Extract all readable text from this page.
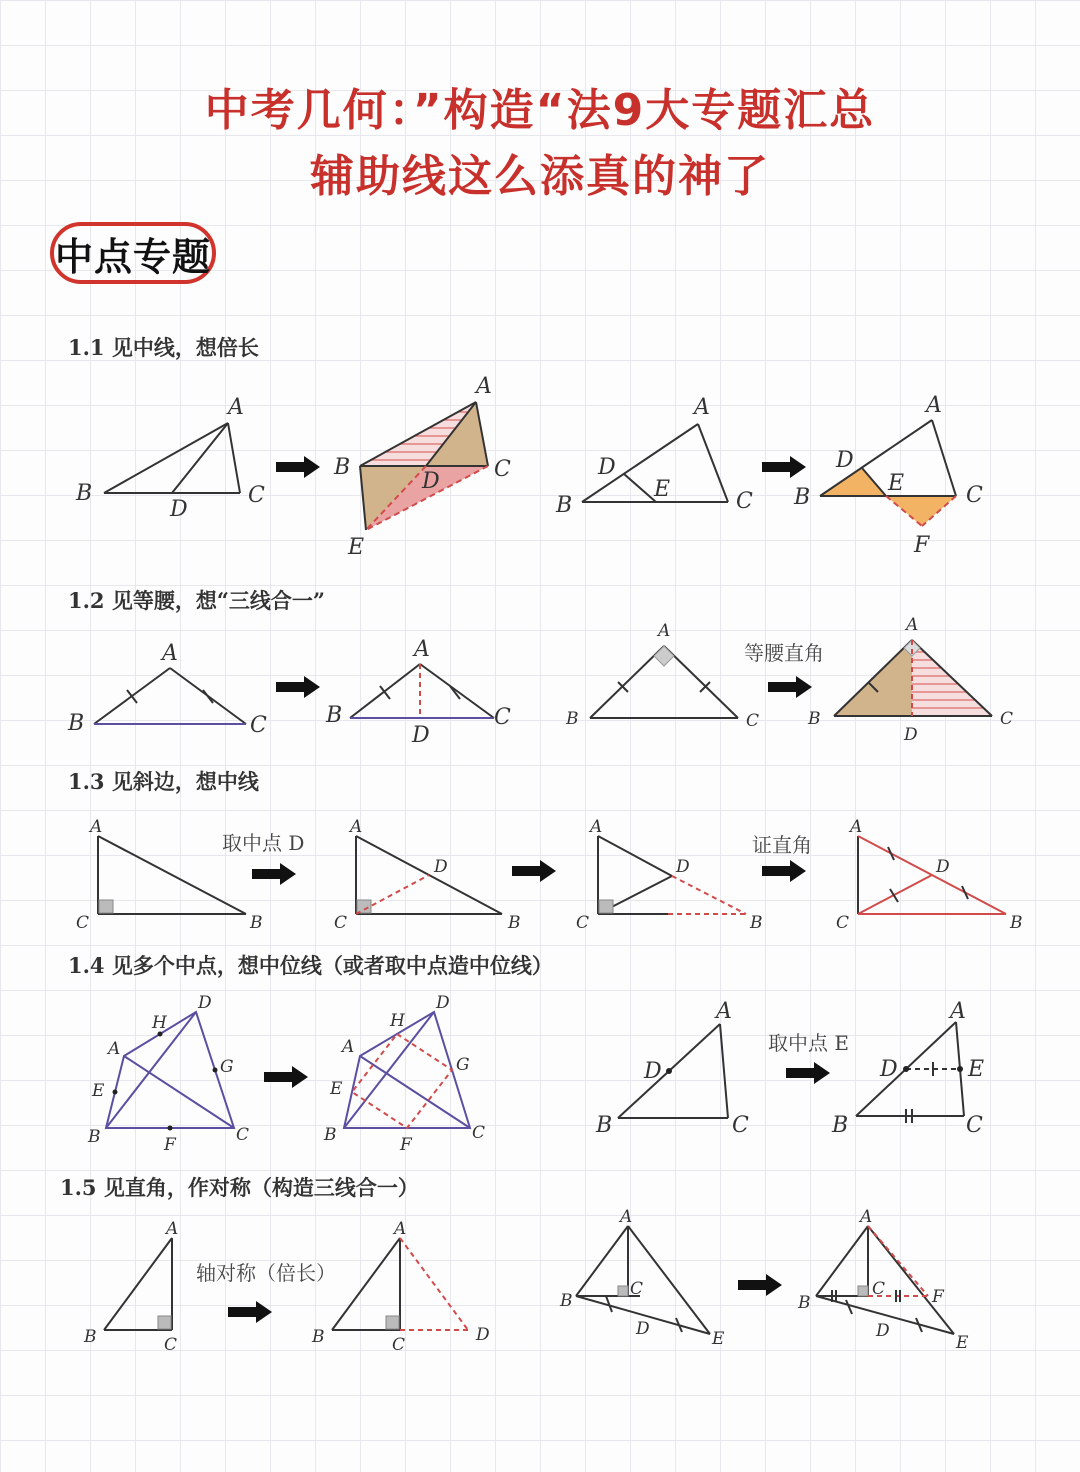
中考几何：”构造“法9大专题汇总
辅助线这么添真的神了
中点专题
1.1 见中线，想倍长
1.2 见等腰，想“三线合一”
1.3 见斜边，想中线
1.4 见多个中点，想中位线（或者取中点造中位线）
1.5 见直角，作对称（构造三线合一）
A
B	C
D
A
B	C
D
E
A
B	C
D
E
A
B	C
D
E
F
A
B	C
A
B	C
D
A
B	C
等腰直角
A
B	C
D
A
C	B
取中点 D
A
C	B
D
A
C	B
D
证直角
A
C	B
D
D
H
A
G
E
B	C
F
D
H
A
G
E
B	C
F
A
D
B	C
取中点 E
A
D	E
B	C
A
B	C
轴对称（倍长）
A
B	C	D
A
B
C
D	E
A
B
C
D
E
F
